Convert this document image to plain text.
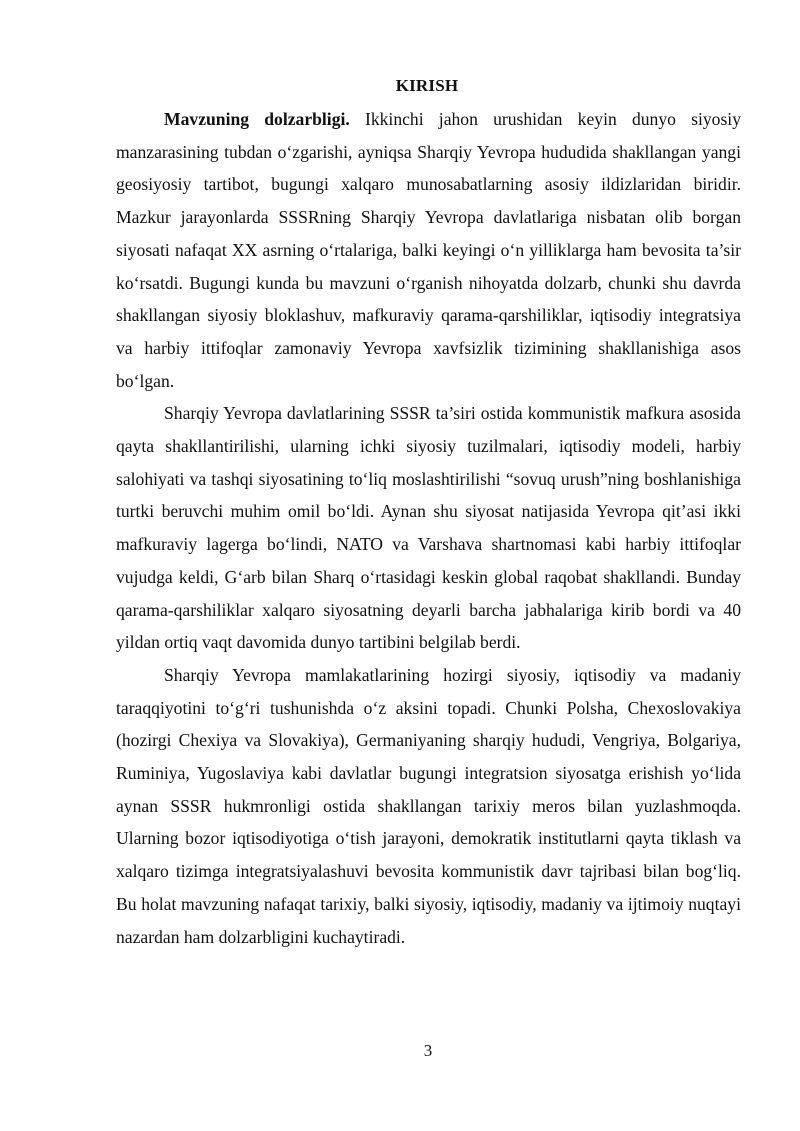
KIRISH

Mavzuning dolzarbligi. Ikkinchi jahon urushidan keyin dunyo siyosiy manzarasining tubdan o‘zgarishi, ayniqsa Sharqiy Yevropa hududida shakllangan yangi geosiyosiy tartibot, bugungi xalqaro munosabatlarning asosiy ildizlaridan biridir. Mazkur jarayonlarda SSSRning Sharqiy Yevropa davlatlariga nisbatan olib borgan siyosati nafaqat XX asrning o‘rtalariga, balki keyingi o‘n yilliklarga ham bevosita ta’sir ko‘rsatdi. Bugungi kunda bu mavzuni o‘rganish nihoyatda dolzarb, chunki shu davrda shakllangan siyosiy bloklashuv, mafkuraviy qarama-qarshiliklar, iqtisodiy integratsiya va harbiy ittifoqlar zamonaviy Yevropa xavfsizlik tizimining shakllanishiga asos bo‘lgan.

Sharqiy Yevropa davlatlarining SSSR ta’siri ostida kommunistik mafkura asosida qayta shakllantirilishi, ularning ichki siyosiy tuzilmalari, iqtisodiy modeli, harbiy salohiyati va tashqi siyosatining to‘liq moslashtirilishi “sovuq urush”ning boshlanishiga turtki beruvchi muhim omil bo‘ldi. Aynan shu siyosat natijasida Yevropa qit’asi ikki mafkuraviy lagerga bo‘lindi, NATO va Varshava shartnomasi kabi harbiy ittifoqlar vujudga keldi, G‘arb bilan Sharq o‘rtasidagi keskin global raqobat shakllandi. Bunday qarama-qarshiliklar xalqaro siyosatning deyarli barcha jabhalariga kirib bordi va 40 yildan ortiq vaqt davomida dunyo tartibini belgilab berdi.

Sharqiy Yevropa mamlakatlarining hozirgi siyosiy, iqtisodiy va madaniy taraqqiyotini to‘g‘ri tushunishda o‘z aksini topadi. Chunki Polsha, Chexoslovakiya (hozirgi Chexiya va Slovakiya), Germaniyaning sharqiy hududi, Vengriya, Bolgariya, Ruminiya, Yugoslaviya kabi davlatlar bugungi integratsion siyosatga erishish yo‘lida aynan SSSR hukmronligi ostida shakllangan tarixiy meros bilan yuzlashmoqda. Ularning bozor iqtisodiyotiga o‘tish jarayoni, demokratik institutlarni qayta tiklash va xalqaro tizimga integratsiyalashuvi bevosita kommunistik davr tajribasi bilan bog‘liq. Bu holat mavzuning nafaqat tarixiy, balki siyosiy, iqtisodiy, madaniy va ijtimoiy nuqtayi nazardan ham dolzarbligini kuchaytiradi.

3
